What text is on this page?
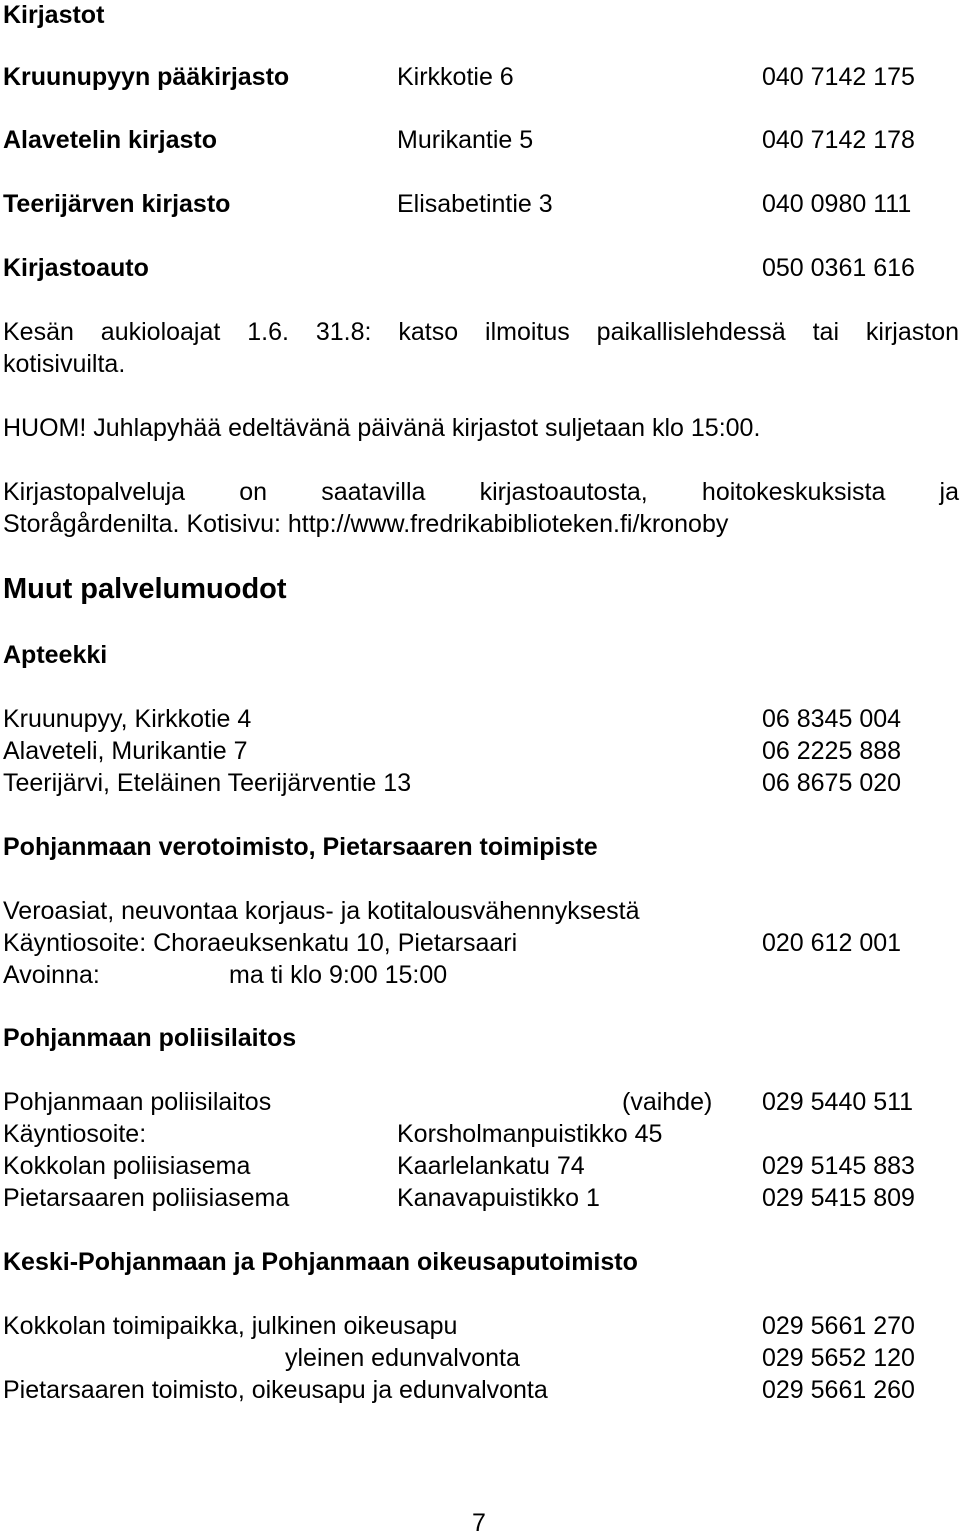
Kirjastot
Kruunupyyn pääkirjasto	Kirkkotie 6	040 7142 175
Alavetelin kirjasto	Murikantie 5	040 7142 178
Teerijärven kirjasto	Elisabetintie 3	040 0980 111
Kirjastoauto	050 0361 616
Kesän aukioloajat 1.6. 31.8: katso ilmoitus paikallislehdessä tai kirjaston
kotisivuilta.
HUOM! Juhlapyhää edeltävänä päivänä kirjastot suljetaan klo 15:00.
Kirjastopalveluja on saatavilla kirjastoautosta, hoitokeskuksista ja
Storågårdenilta. Kotisivu: http://www.fredrikabiblioteken.fi/kronoby
Muut palvelumuodot
Apteekki
Kruunupyy, Kirkkotie 4	06 8345 004
Alaveteli, Murikantie 7	06 2225 888
Teerijärvi, Eteläinen Teerijärventie 13	06 8675 020
Pohjanmaan verotoimisto, Pietarsaaren toimipiste
Veroasiat, neuvontaa korjaus- ja kotitalousvähennyksestä
Käyntiosoite: Choraeuksenkatu 10, Pietarsaari	020 612 001
Avoinna:	ma ti klo 9:00 15:00
Pohjanmaan poliisilaitos
Pohjanmaan poliisilaitos	(vaihde) 029 5440 511
Käyntiosoite:	Korsholmanpuistikko 45
Kokkolan poliisiasema	Kaarlelankatu 74	029 5145 883
Pietarsaaren poliisiasema	Kanavapuistikko 1	029 5415 809
Keski-Pohjanmaan ja Pohjanmaan oikeusaputoimisto
Kokkolan toimipaikka, julkinen oikeusapu	029 5661 270
yleinen edunvalvonta	029 5652 120
Pietarsaaren toimisto, oikeusapu ja edunvalvonta	029 5661 260
7
